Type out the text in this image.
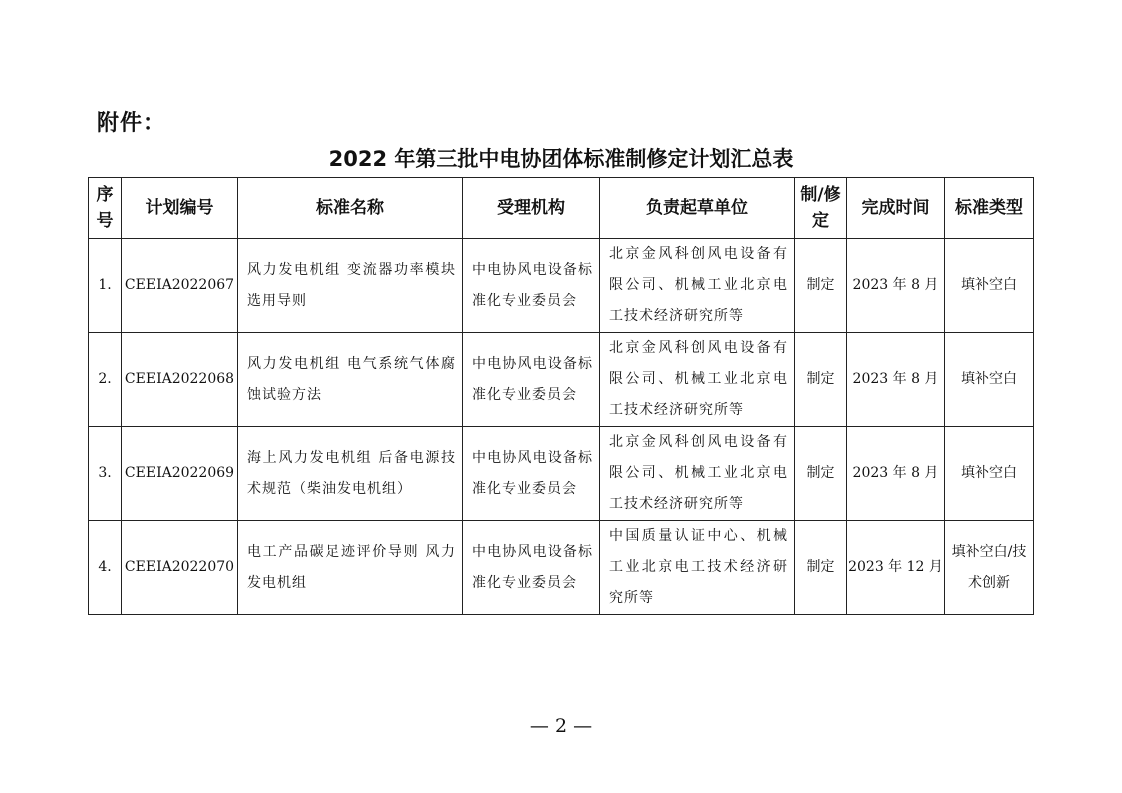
附件：
2022 年第三批中电协团体标准制修定计划汇总表
序号	计划编号	标准名称	受理机构	负责起草单位	制/修定	完成时间	标准类型
1.	CEEIA2022067	风力发电机组 变流器功率模块选用导则	中电协风电设备标准化专业委员会	北京金风科创风电设备有限公司、机械工业北京电工技术经济研究所等	制定	2023 年 8 月	填补空白
2.	CEEIA2022068	风力发电机组 电气系统气体腐蚀试验方法	中电协风电设备标准化专业委员会	北京金风科创风电设备有限公司、机械工业北京电工技术经济研究所等	制定	2023 年 8 月	填补空白
3.	CEEIA2022069	海上风力发电机组 后备电源技术规范（柴油发电机组）	中电协风电设备标准化专业委员会	北京金风科创风电设备有限公司、机械工业北京电工技术经济研究所等	制定	2023 年 8 月	填补空白
4.	CEEIA2022070	电工产品碳足迹评价导则 风力发电机组	中电协风电设备标准化专业委员会	中国质量认证中心、机械工业北京电工技术经济研究所等	制定	2023 年 12 月	填补空白/技术创新
— 2 —
